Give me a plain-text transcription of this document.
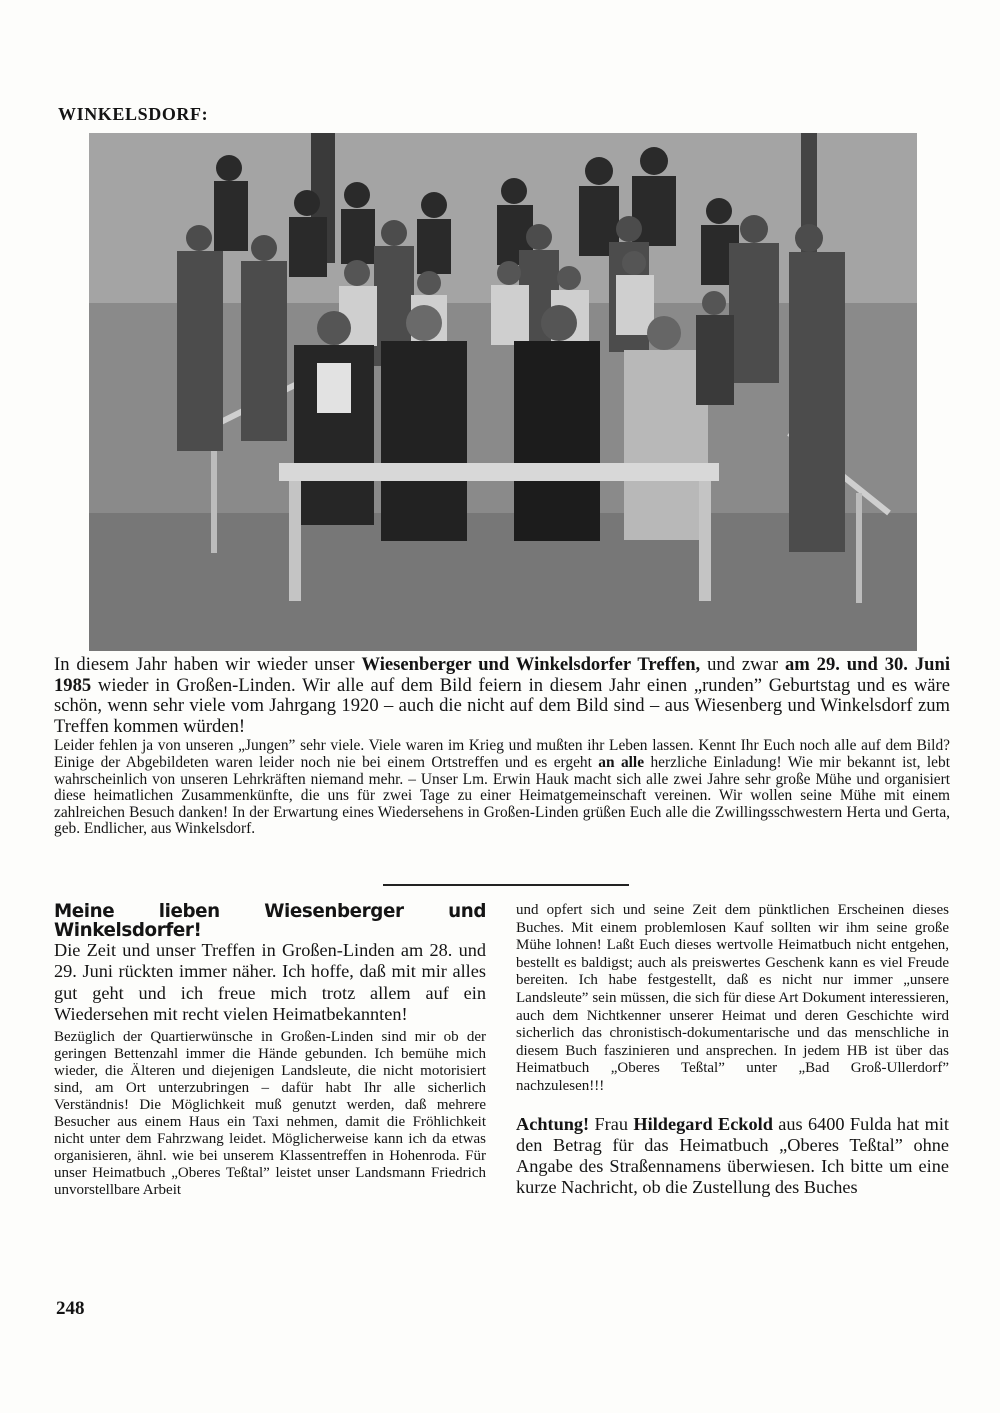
WINKELSDORF:

In diesem Jahr haben wir wieder unser Wiesenberger und Winkelsdorfer Treffen, und zwar am 29. und 30. Juni 1985 wieder in Großen-Linden. Wir alle auf dem Bild feiern in diesem Jahr einen „runden” Geburtstag und es wäre schön, wenn sehr viele vom Jahrgang 1920 – auch die nicht auf dem Bild sind – aus Wiesenberg und Winkelsdorf zum Treffen kommen würden!

Leider fehlen ja von unseren „Jungen” sehr viele. Viele waren im Krieg und mußten ihr Leben lassen. Kennt Ihr Euch noch alle auf dem Bild? Einige der Abgebildeten waren leider noch nie bei einem Ortstreffen und es ergeht an alle herzliche Einladung! Wie mir bekannt ist, lebt wahrscheinlich von unseren Lehrkräften niemand mehr. – Unser Lm. Erwin Hauk macht sich alle zwei Jahre sehr große Mühe und organisiert diese heimatlichen Zusammenkünfte, die uns für zwei Tage zu einer Heimatgemeinschaft vereinen. Wir wollen seine Mühe mit einem zahlreichen Besuch danken! In der Erwartung eines Wiedersehens in Großen-Linden grüßen Euch alle die Zwillingsschwestern Herta und Gerta, geb. Endlicher, aus Winkelsdorf.

Meine lieben Wiesenberger und Winkelsdorfer!

Die Zeit und unser Treffen in Großen-Linden am 28. und 29. Juni rückten immer näher. Ich hoffe, daß mit mir alles gut geht und ich freue mich trotz allem auf ein Wiedersehen mit recht vielen Heimatbekannten!

Bezüglich der Quartierwünsche in Großen-Linden sind mir ob der geringen Bettenzahl immer die Hände gebunden. Ich bemühe mich wieder, die Älteren und diejenigen Landsleute, die nicht motorisiert sind, am Ort unterzubringen – dafür habt Ihr alle sicherlich Verständnis! Die Möglichkeit muß genutzt werden, daß mehrere Besucher aus einem Haus ein Taxi nehmen, damit die Fröhlichkeit nicht unter dem Fahrzwang leidet. Möglicherweise kann ich da etwas organisieren, ähnl. wie bei unserem Klassentreffen in Hohenroda. Für unser Heimatbuch „Oberes Teßtal” leistet unser Landsmann Friedrich unvorstellbare Arbeit

und opfert sich und seine Zeit dem pünktlichen Erscheinen dieses Buches. Mit einem problemlosen Kauf sollten wir ihm seine große Mühe lohnen! Laßt Euch dieses wertvolle Heimatbuch nicht entgehen, bestellt es baldigst; auch als preiswertes Geschenk kann es viel Freude bereiten. Ich habe festgestellt, daß es nicht nur immer „unsere Landsleute” sein müssen, die sich für diese Art Dokument interessieren, auch dem Nichtkenner unserer Heimat und deren Geschichte wird sicherlich das chronistisch-dokumentarische und das menschliche in diesem Buch faszinieren und ansprechen. In jedem HB ist über das Heimatbuch „Oberes Teßtal” unter „Bad Groß-Ullerdorf” nachzulesen!!!

Achtung! Frau Hildegard Eckold aus 6400 Fulda hat mit den Betrag für das Heimatbuch „Oberes Teßtal” ohne Angabe des Straßennamens überwiesen. Ich bitte um eine kurze Nachricht, ob die Zustellung des Buches

248
